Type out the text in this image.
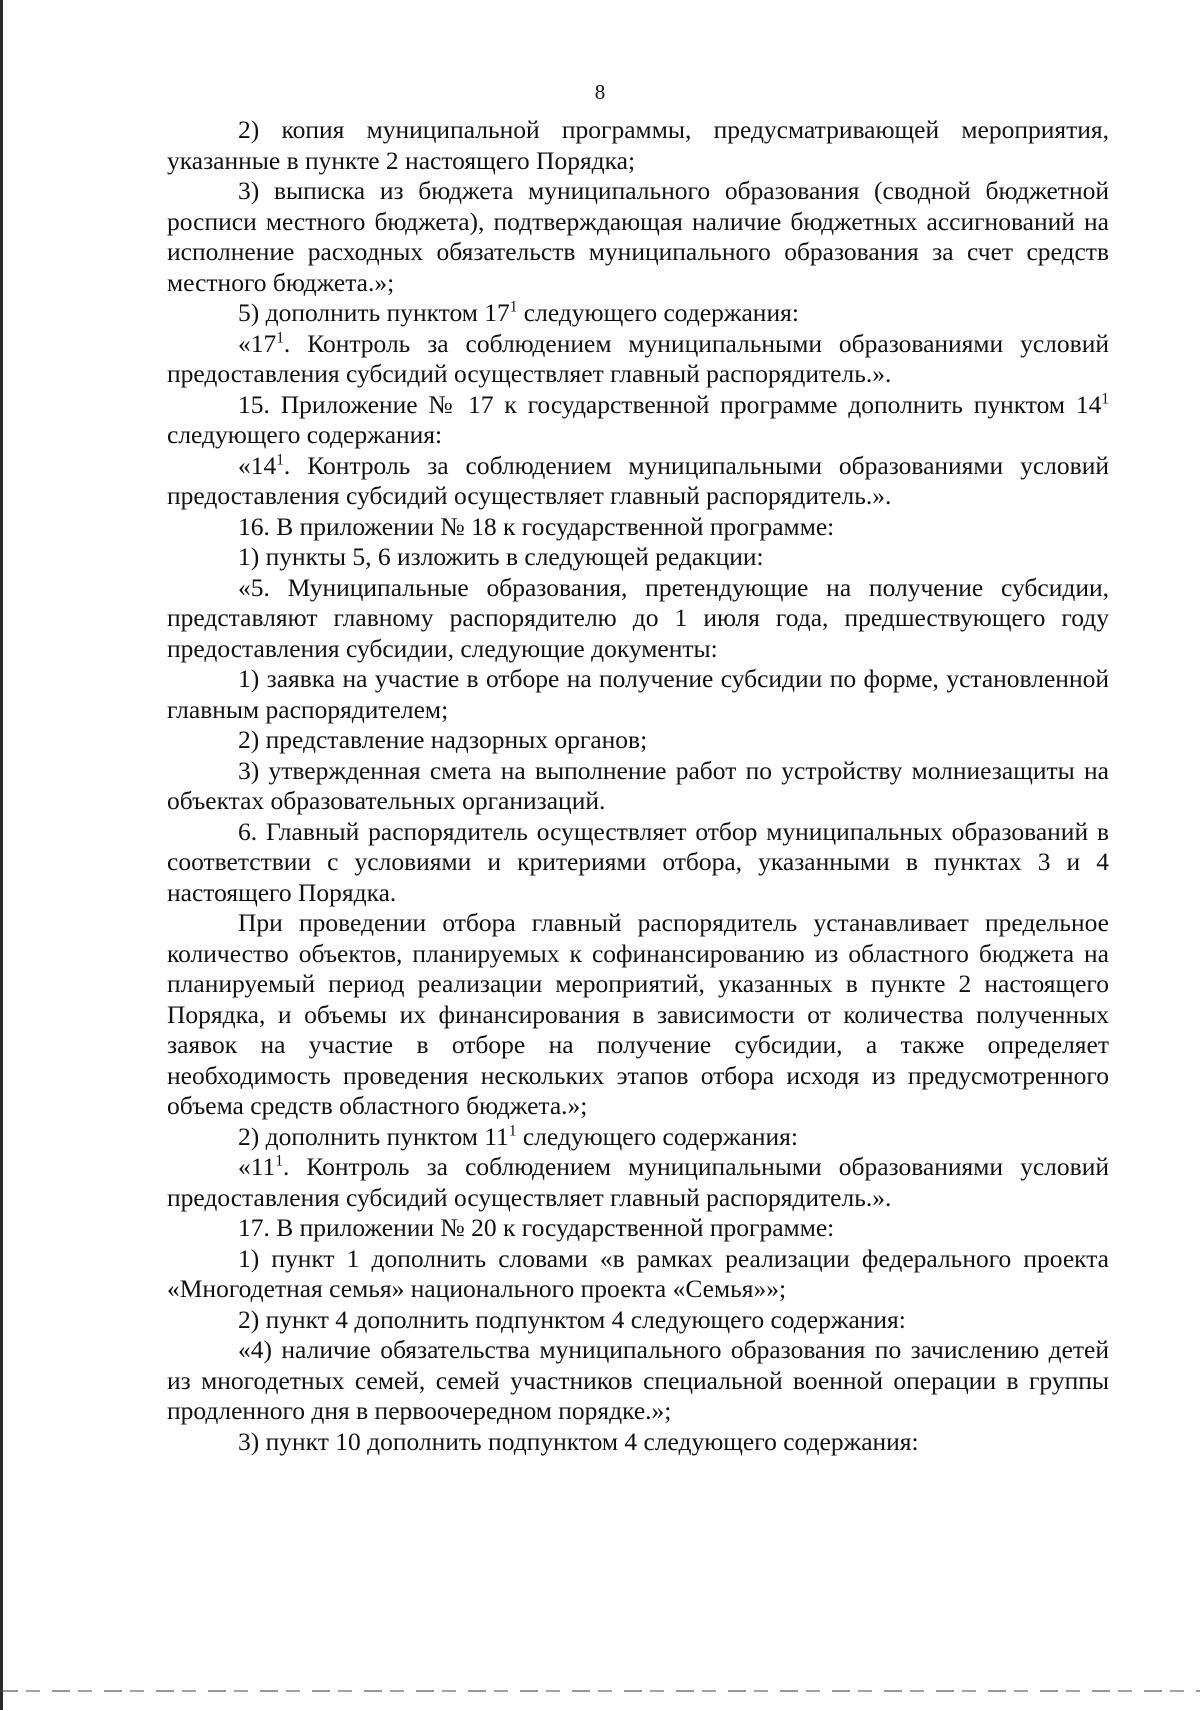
8

2) копия муниципальной программы, предусматривающей мероприятия, указанные в пункте 2 настоящего Порядка;

3) выписка из бюджета муниципального образования (сводной бюджетной росписи местного бюджета), подтверждающая наличие бюджетных ассигнований на исполнение расходных обязательств муниципального образования за счет средств местного бюджета.»;

5) дополнить пунктом $17^1$ следующего содержания:

«$17^1$. Контроль за соблюдением муниципальными образованиями условий предоставления субсидий осуществляет главный распорядитель.».

15. Приложение № 17 к государственной программе дополнить пунктом $14^1$ следующего содержания:

«$14^1$. Контроль за соблюдением муниципальными образованиями условий предоставления субсидий осуществляет главный распорядитель.».

16. В приложении № 18 к государственной программе:

1) пункты 5, 6 изложить в следующей редакции:

«5. Муниципальные образования, претендующие на получение субсидии, представляют главному распорядителю до 1 июля года, предшествующего году предоставления субсидии, следующие документы:

1) заявка на участие в отборе на получение субсидии по форме, установленной главным распорядителем;

2) представление надзорных органов;

3) утвержденная смета на выполнение работ по устройству молниезащиты на объектах образовательных организаций.

6. Главный распорядитель осуществляет отбор муниципальных образований в соответствии с условиями и критериями отбора, указанными в пунктах 3 и 4 настоящего Порядка.

При проведении отбора главный распорядитель устанавливает предельное количество объектов, планируемых к софинансированию из областного бюджета на планируемый период реализации мероприятий, указанных в пункте 2 настоящего Порядка, и объемы их финансирования в зависимости от количества полученных заявок на участие в отборе на получение субсидии, а также определяет необходимость проведения нескольких этапов отбора исходя из предусмотренного объема средств областного бюджета.»;

2) дополнить пунктом $11^1$ следующего содержания:

«$11^1$. Контроль за соблюдением муниципальными образованиями условий предоставления субсидий осуществляет главный распорядитель.».

17. В приложении № 20 к государственной программе:

1) пункт 1 дополнить словами «в рамках реализации федерального проекта «Многодетная семья» национального проекта «Семья»»;

2) пункт 4 дополнить подпунктом 4 следующего содержания:

«4) наличие обязательства муниципального образования по зачислению детей из многодетных семей, семей участников специальной военной операции в группы продленного дня в первоочередном порядке.»;

3) пункт 10 дополнить подпунктом 4 следующего содержания:
